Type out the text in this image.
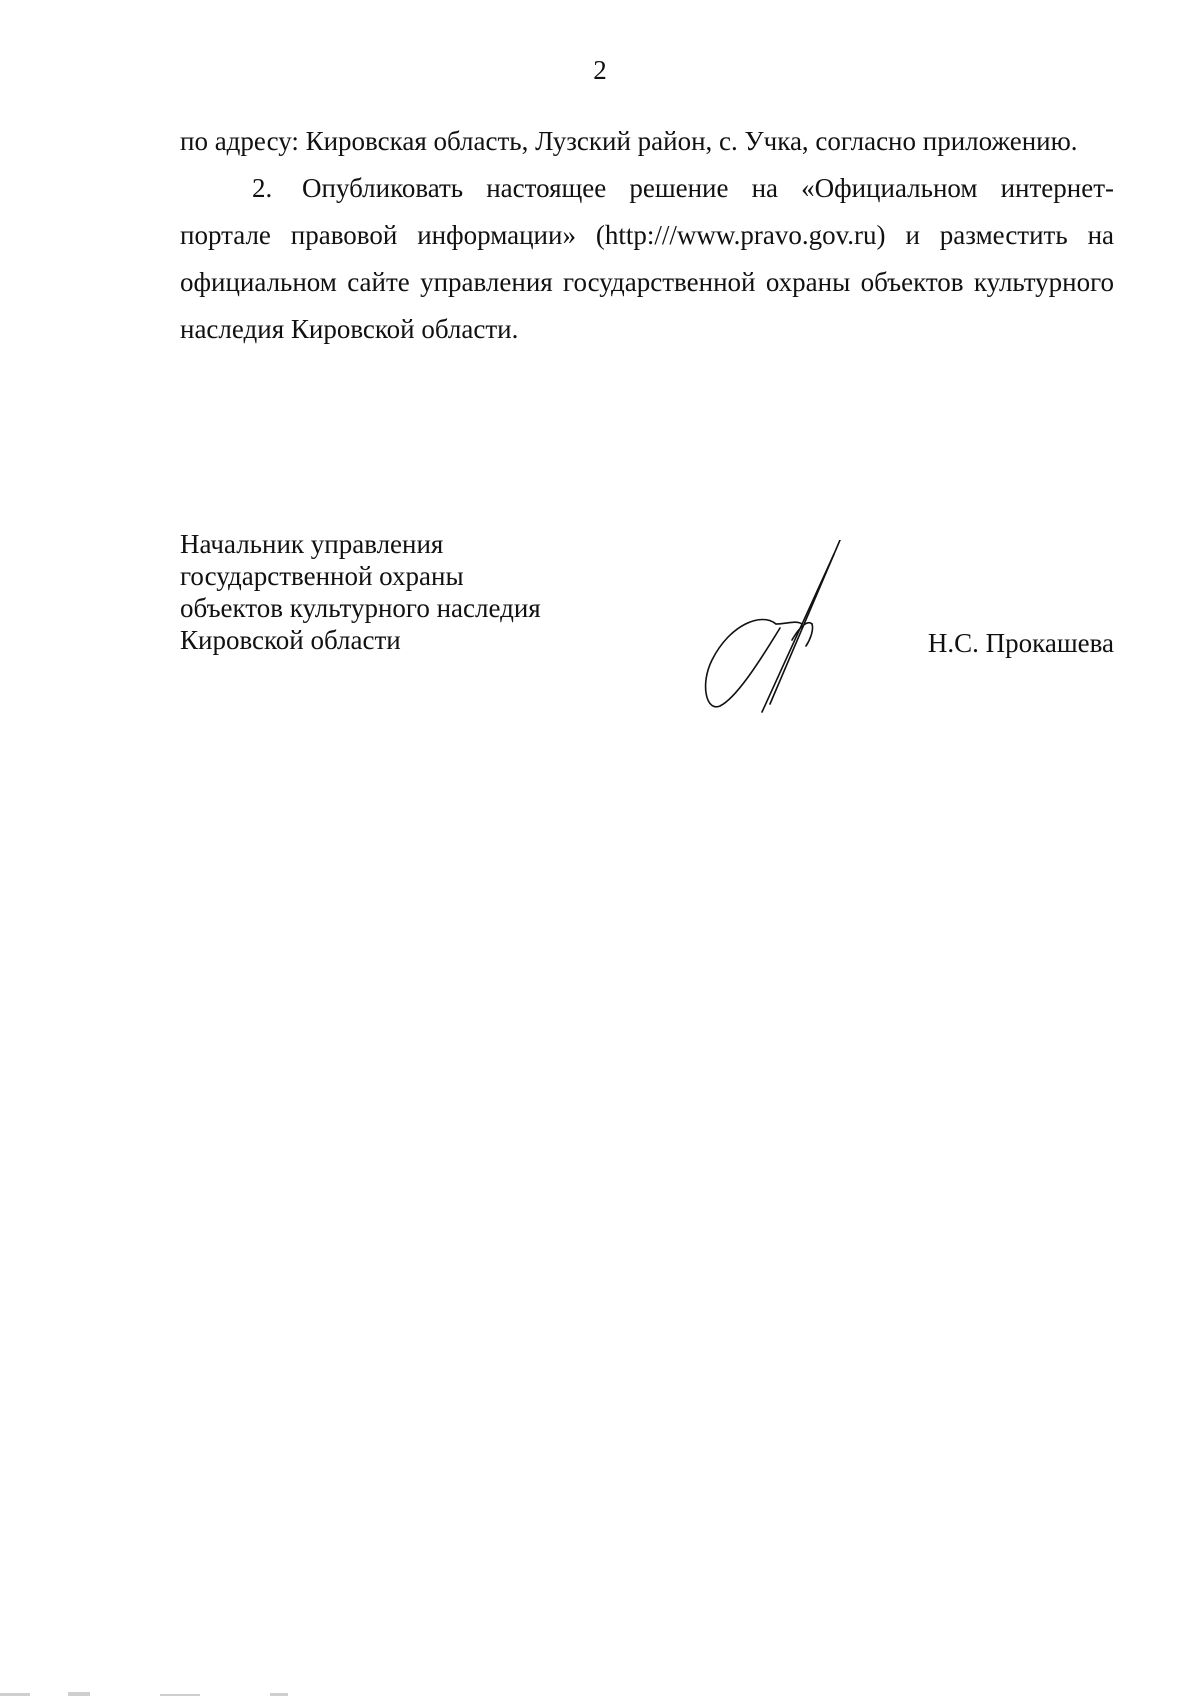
2

по адресу: Кировская область, Лузский район, с. Учка, согласно приложению.

2. Опубликовать настоящее решение на «Официальном интернет-портале правовой информации» (http:///www.pravo.gov.ru) и разместить на официальном сайте управления государственной охраны объектов культурного наследия Кировской области.

Начальник управления
государственной охраны
объектов культурного наследия
Кировской области	Н.С. Прокашева
